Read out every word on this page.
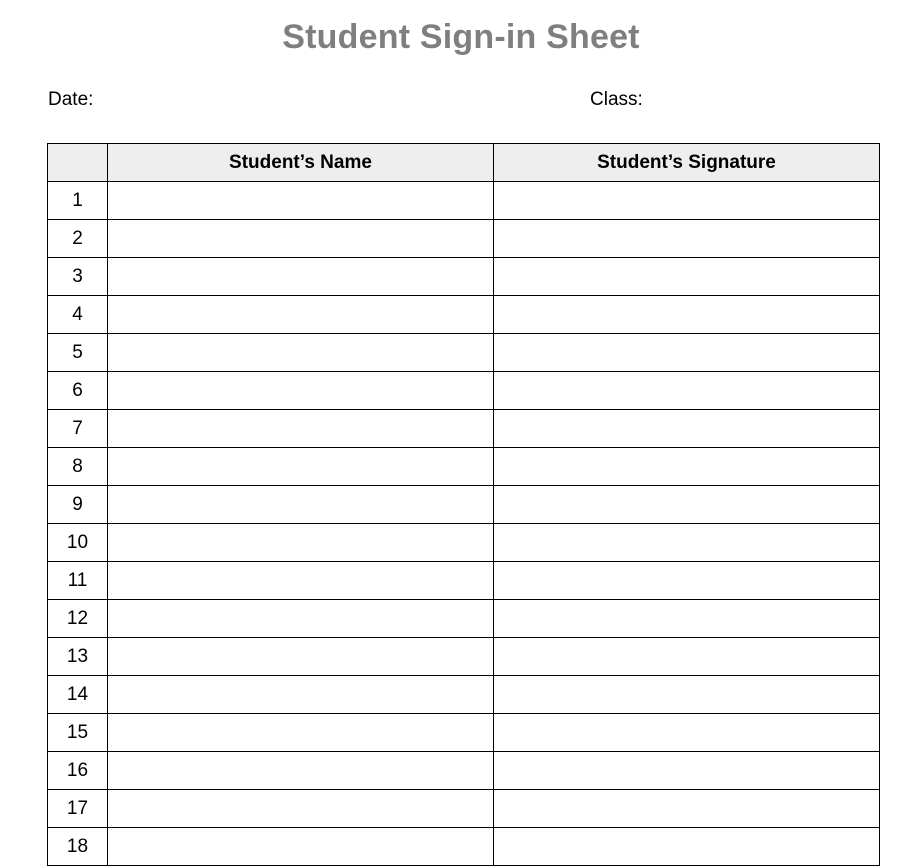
Student Sign-in Sheet
Date:	Class:
	Student’s Name	Student’s Signature
1		
2		
3		
4		
5		
6		
7		
8		
9		
10		
11		
12		
13		
14		
15		
16		
17		
18		
